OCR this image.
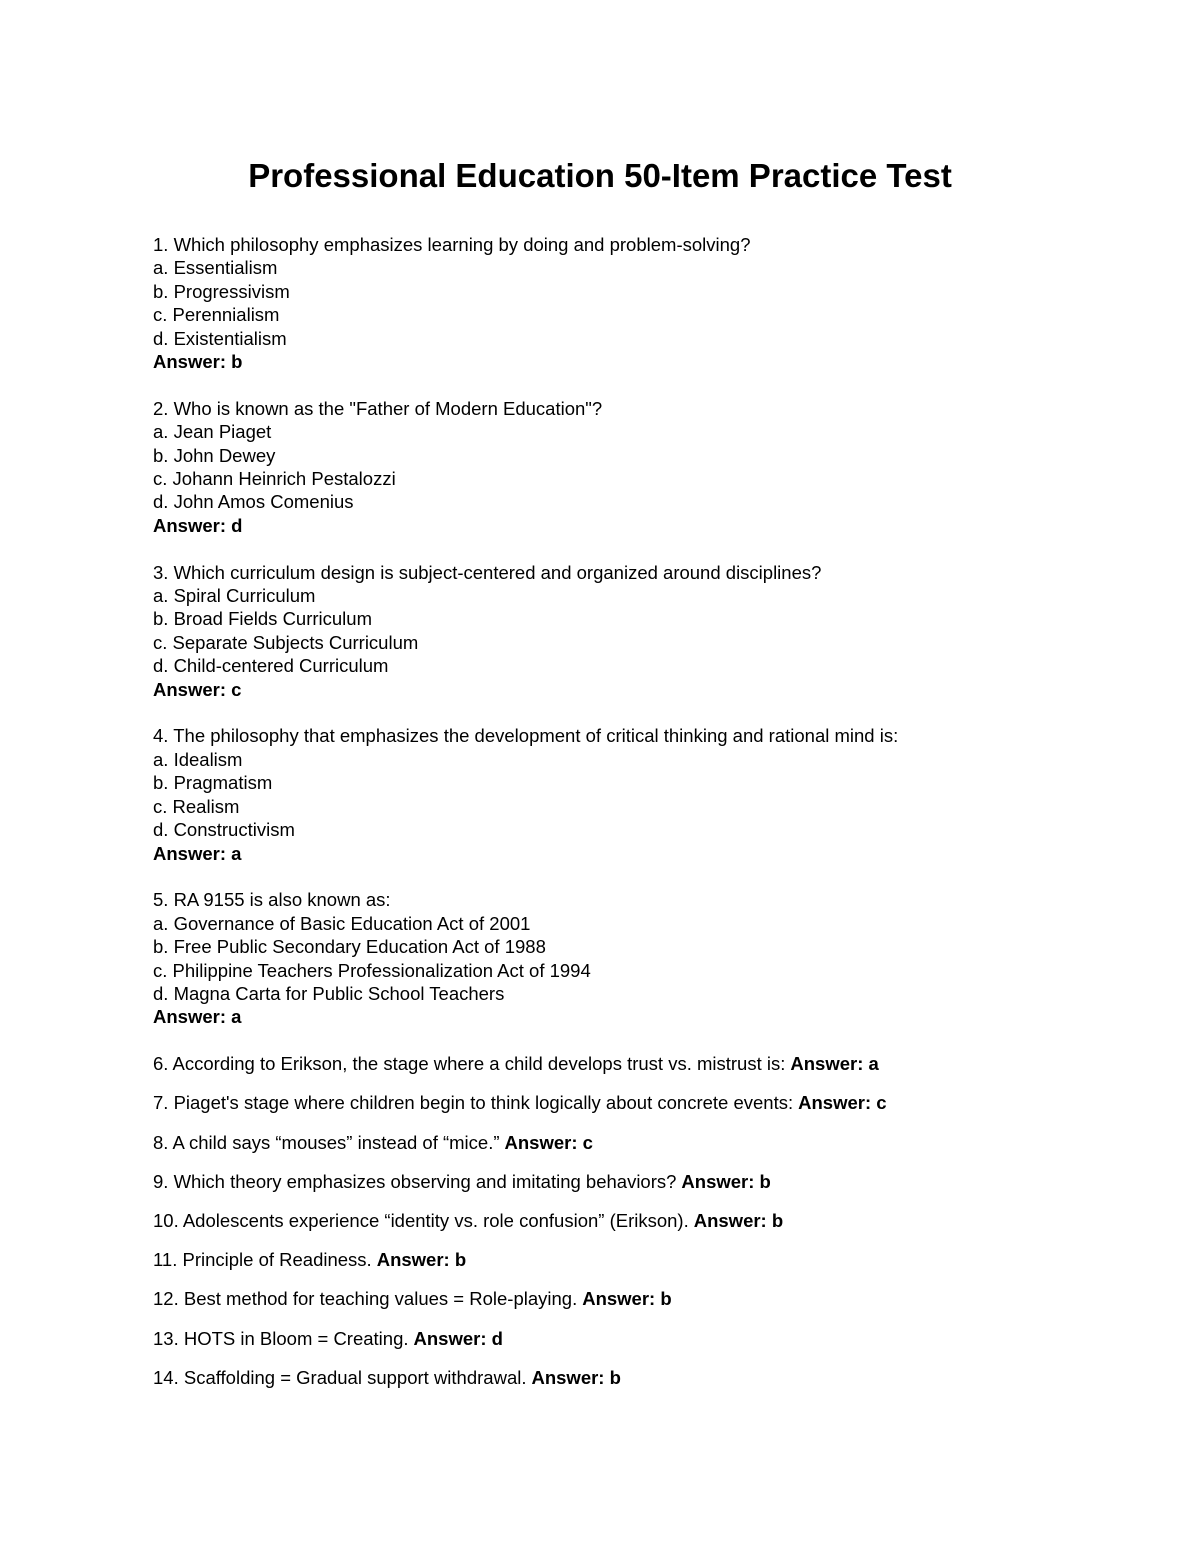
Professional Education 50-Item Practice Test
1. Which philosophy emphasizes learning by doing and problem-solving?
a. Essentialism
b. Progressivism
c. Perennialism
d. Existentialism
Answer: b
2. Who is known as the "Father of Modern Education"?
a. Jean Piaget
b. John Dewey
c. Johann Heinrich Pestalozzi
d. John Amos Comenius
Answer: d
3. Which curriculum design is subject-centered and organized around disciplines?
a. Spiral Curriculum
b. Broad Fields Curriculum
c. Separate Subjects Curriculum
d. Child-centered Curriculum
Answer: c
4. The philosophy that emphasizes the development of critical thinking and rational mind is:
a. Idealism
b. Pragmatism
c. Realism
d. Constructivism
Answer: a
5. RA 9155 is also known as:
a. Governance of Basic Education Act of 2001
b. Free Public Secondary Education Act of 1988
c. Philippine Teachers Professionalization Act of 1994
d. Magna Carta for Public School Teachers
Answer: a
6. According to Erikson, the stage where a child develops trust vs. mistrust is: Answer: a
7. Piaget's stage where children begin to think logically about concrete events: Answer: c
8. A child says “mouses” instead of “mice.” Answer: c
9. Which theory emphasizes observing and imitating behaviors? Answer: b
10. Adolescents experience “identity vs. role confusion” (Erikson). Answer: b
11. Principle of Readiness. Answer: b
12. Best method for teaching values = Role-playing. Answer: b
13. HOTS in Bloom = Creating. Answer: d
14. Scaffolding = Gradual support withdrawal. Answer: b
